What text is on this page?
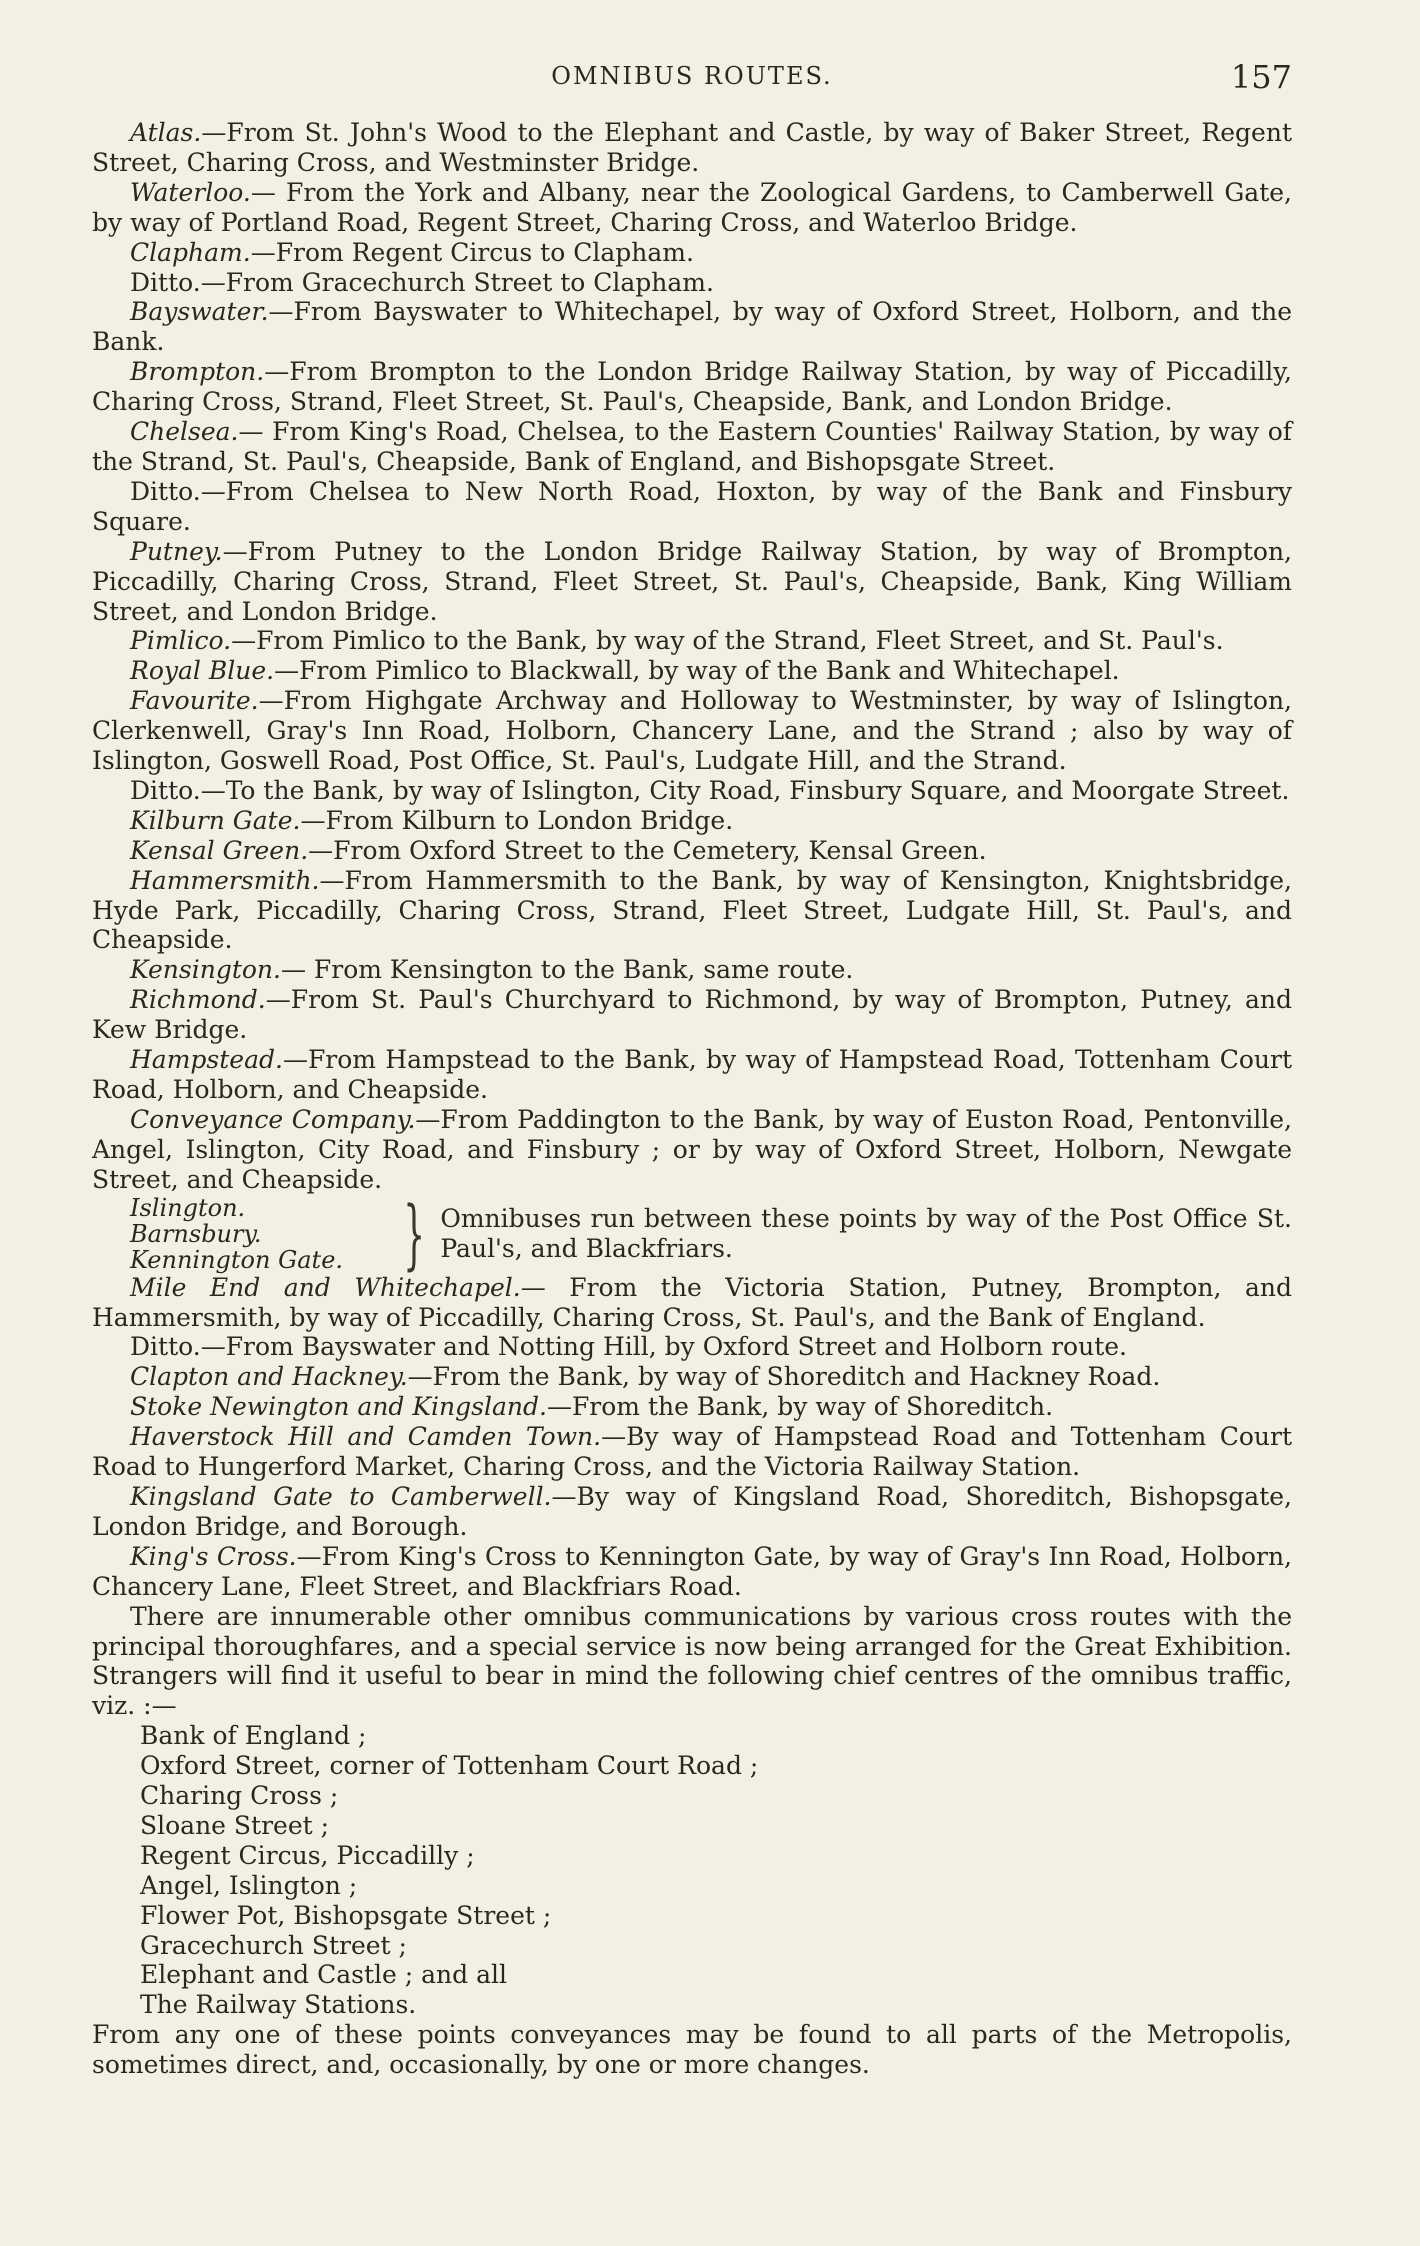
OMNIBUS ROUTES.	157

Atlas.—From St. John's Wood to the Elephant and Castle, by way of Baker Street, Regent Street, Charing Cross, and Westminster Bridge.

Waterloo.— From the York and Albany, near the Zoological Gardens, to Camberwell Gate, by way of Portland Road, Regent Street, Charing Cross, and Waterloo Bridge.

Clapham.—From Regent Circus to Clapham.

Ditto.—From Gracechurch Street to Clapham.

Bayswater.—From Bayswater to Whitechapel, by way of Oxford Street, Holborn, and the Bank.

Brompton.—From Brompton to the London Bridge Railway Station, by way of Piccadilly, Charing Cross, Strand, Fleet Street, St. Paul's, Cheapside, Bank, and London Bridge.

Chelsea.— From King's Road, Chelsea, to the Eastern Counties' Railway Station, by way of the Strand, St. Paul's, Cheapside, Bank of England, and Bishopsgate Street.

Ditto.—From Chelsea to New North Road, Hoxton, by way of the Bank and Finsbury Square.

Putney.—From Putney to the London Bridge Railway Station, by way of Brompton, Piccadilly, Charing Cross, Strand, Fleet Street, St. Paul's, Cheapside, Bank, King William Street, and London Bridge.

Pimlico.—From Pimlico to the Bank, by way of the Strand, Fleet Street, and St. Paul's.

Royal Blue.—From Pimlico to Blackwall, by way of the Bank and Whitechapel.

Favourite.—From Highgate Archway and Holloway to Westminster, by way of Islington, Clerkenwell, Gray's Inn Road, Holborn, Chancery Lane, and the Strand ; also by way of Islington, Goswell Road, Post Office, St. Paul's, Ludgate Hill, and the Strand.

Ditto.—To the Bank, by way of Islington, City Road, Finsbury Square, and Moorgate Street.

Kilburn Gate.—From Kilburn to London Bridge.

Kensal Green.—From Oxford Street to the Cemetery, Kensal Green.

Hammersmith.—From Hammersmith to the Bank, by way of Kensington, Knightsbridge, Hyde Park, Piccadilly, Charing Cross, Strand, Fleet Street, Ludgate Hill, St. Paul's, and Cheapside.

Kensington.— From Kensington to the Bank, same route.

Richmond.—From St. Paul's Churchyard to Richmond, by way of Brompton, Putney, and Kew Bridge.

Hampstead.—From Hampstead to the Bank, by way of Hampstead Road, Tottenham Court Road, Holborn, and Cheapside.

Conveyance Company.—From Paddington to the Bank, by way of Euston Road, Pentonville, Angel, Islington, City Road, and Finsbury ; or by way of Oxford Street, Holborn, Newgate Street, and Cheapside.

Islington.
Barnsbury.
Kennington Gate. } Omnibuses run between these points by way of the Post Office St. Paul's, and Blackfriars.

Mile End and Whitechapel.— From the Victoria Station, Putney, Brompton, and Hammersmith, by way of Piccadilly, Charing Cross, St. Paul's, and the Bank of England.

Ditto.—From Bayswater and Notting Hill, by Oxford Street and Holborn route.

Clapton and Hackney.—From the Bank, by way of Shoreditch and Hackney Road.

Stoke Newington and Kingsland.—From the Bank, by way of Shoreditch.

Haverstock Hill and Camden Town.—By way of Hampstead Road and Tottenham Court Road to Hungerford Market, Charing Cross, and the Victoria Railway Station.

Kingsland Gate to Camberwell.—By way of Kingsland Road, Shoreditch, Bishopsgate, London Bridge, and Borough.

King's Cross.—From King's Cross to Kennington Gate, by way of Gray's Inn Road, Holborn, Chancery Lane, Fleet Street, and Blackfriars Road.

There are innumerable other omnibus communications by various cross routes with the principal thoroughfares, and a special service is now being arranged for the Great Exhibition. Strangers will find it useful to bear in mind the following chief centres of the omnibus traffic, viz. :—

Bank of England ;
Oxford Street, corner of Tottenham Court Road ;
Charing Cross ;
Sloane Street ;
Regent Circus, Piccadilly ;
Angel, Islington ;
Flower Pot, Bishopsgate Street ;
Gracechurch Street ;
Elephant and Castle ; and all
The Railway Stations.

From any one of these points conveyances may be found to all parts of the Metropolis, sometimes direct, and, occasionally, by one or more changes.
